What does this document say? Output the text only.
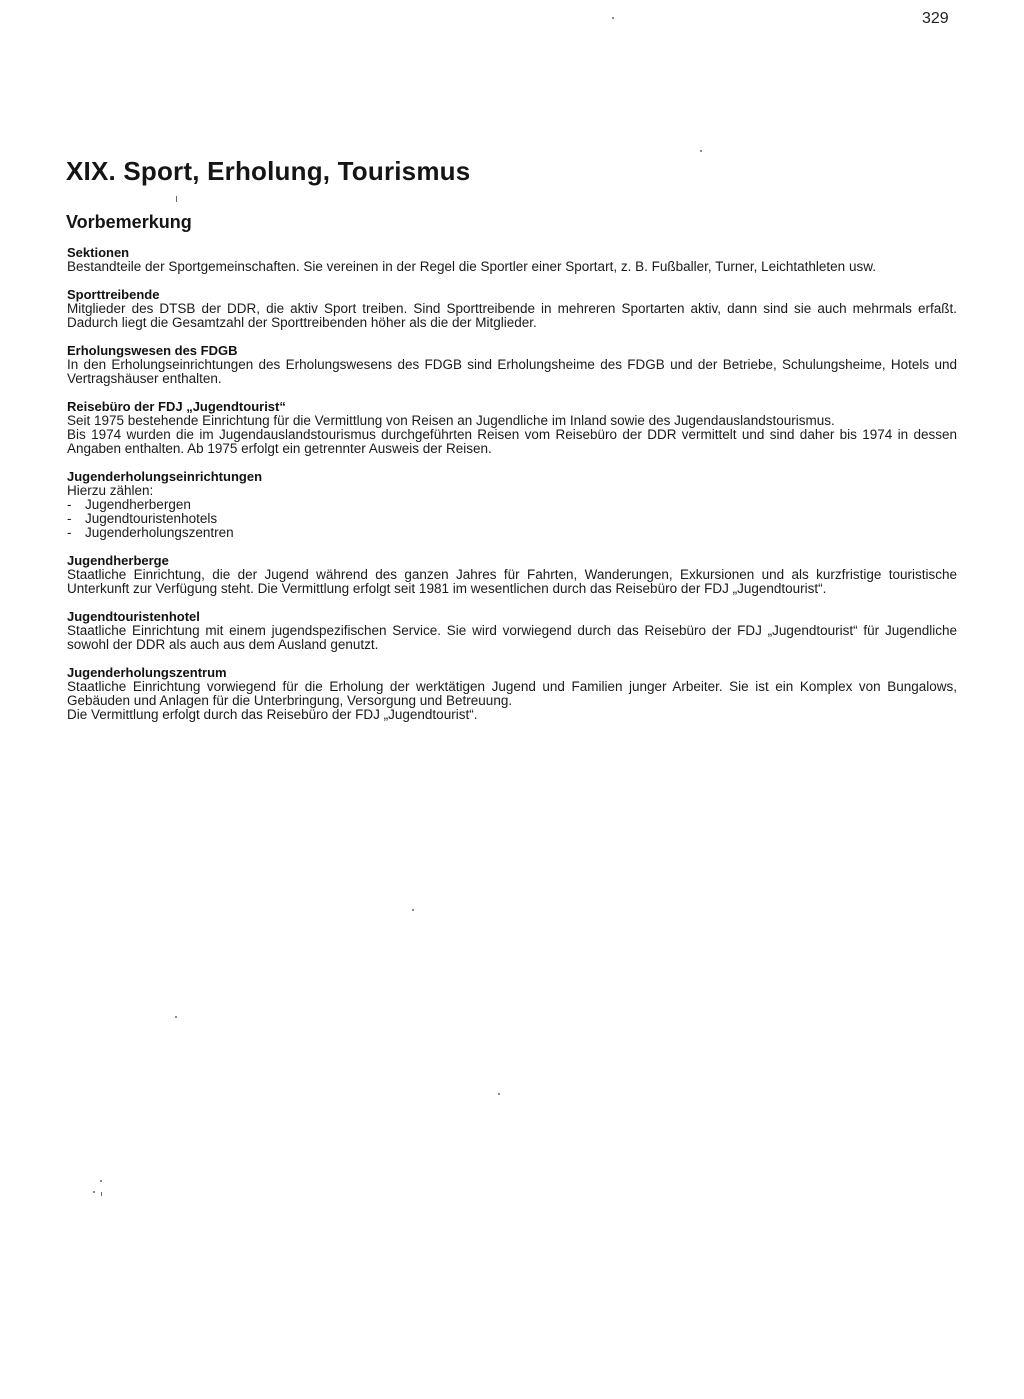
329
XIX. Sport, Erholung, Tourismus
Vorbemerkung
Sektionen

Bestandteile der Sportgemeinschaften. Sie vereinen in der Regel die Sportler einer Sportart, z. B. Fußballer, Turner, Leichtathleten usw.

Sporttreibende

Mitglieder des DTSB der DDR, die aktiv Sport treiben. Sind Sporttreibende in mehreren Sportarten aktiv, dann sind sie auch mehrmals erfaßt. Dadurch liegt die Gesamtzahl der Sporttreibenden höher als die der Mitglieder.

Erholungswesen des FDGB

In den Erholungseinrichtungen des Erholungswesens des FDGB sind Erholungsheime des FDGB und der Betriebe, Schulungsheime, Hotels und Vertragshäuser enthalten.

Reisebüro der FDJ „Jugendtourist“

Seit 1975 bestehende Einrichtung für die Vermittlung von Reisen an Jugendliche im Inland sowie des Jugendauslandstourismus.

Bis 1974 wurden die im Jugendauslandstourismus durchgeführten Reisen vom Reisebüro der DDR vermittelt und sind daher bis 1974 in dessen Angaben enthalten. Ab 1975 erfolgt ein getrennter Ausweis der Reisen.

Jugenderholungseinrichtungen

Hierzu zählen:

- Jugendherbergen
- Jugendtouristenhotels
- Jugenderholungszentren
Jugendherberge

Staatliche Einrichtung, die der Jugend während des ganzen Jahres für Fahrten, Wanderungen, Exkursionen und als kurzfristige touristische Unterkunft zur Verfügung steht. Die Vermittlung erfolgt seit 1981 im wesentlichen durch das Reisebüro der FDJ „Jugendtourist“.

Jugendtouristenhotel

Staatliche Einrichtung mit einem jugendspezifischen Service. Sie wird vorwiegend durch das Reisebüro der FDJ „Jugendtourist“ für Jugendliche sowohl der DDR als auch aus dem Ausland genutzt.

Jugenderholungszentrum

Staatliche Einrichtung vorwiegend für die Erholung der werktätigen Jugend und Familien junger Arbeiter. Sie ist ein Komplex von Bungalows, Gebäuden und Anlagen für die Unterbringung, Versorgung und Betreuung.

Die Vermittlung erfolgt durch das Reisebüro der FDJ „Jugendtourist“.
